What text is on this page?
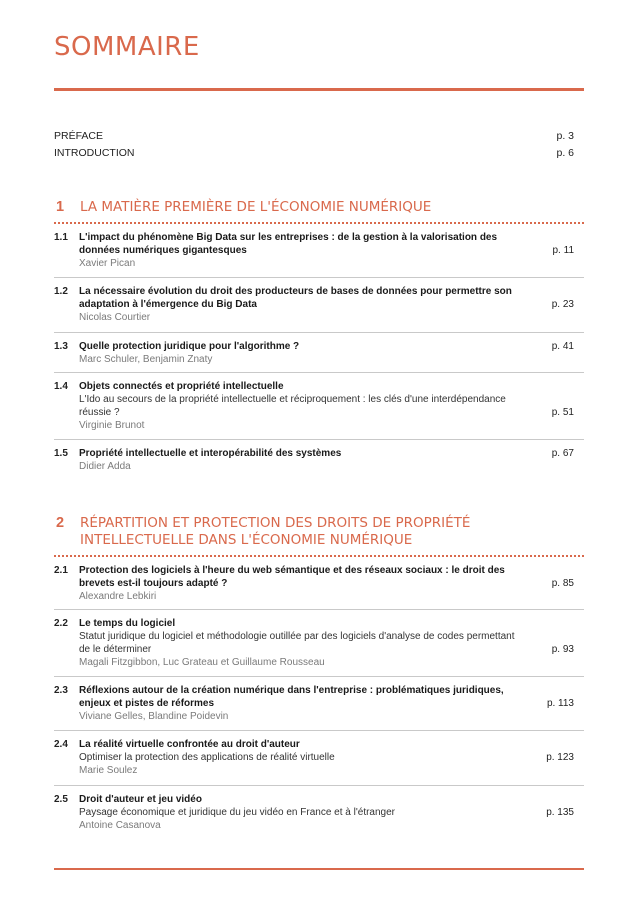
SOMMAIRE
PRÉFACE	p. 3
INTRODUCTION	p. 6
1 LA MATIÈRE PREMIÈRE DE L'ÉCONOMIE NUMÉRIQUE
1.1 L'impact du phénomène Big Data sur les entreprises : de la gestion à la valorisation des données numériques gigantesques
Xavier Pican
p. 11
1.2 La nécessaire évolution du droit des producteurs de bases de données pour permettre son adaptation à l'émergence du Big Data
Nicolas Courtier
p. 23
1.3 Quelle protection juridique pour l'algorithme ?
Marc Schuler, Benjamin Znaty
p. 41
1.4 Objets connectés et propriété intellectuelle
L'Ido au secours de la propriété intellectuelle et réciproquement : les clés d'une interdépendance réussie ?
Virginie Brunot
p. 51
1.5 Propriété intellectuelle et interopérabilité des systèmes
Didier Adda
p. 67
2 RÉPARTITION ET PROTECTION DES DROITS DE PROPRIÉTÉ INTELLECTUELLE DANS L'ÉCONOMIE NUMÉRIQUE
2.1 Protection des logiciels à l'heure du web sémantique et des réseaux sociaux : le droit des brevets est-il toujours adapté ?
Alexandre Lebkiri
p. 85
2.2 Le temps du logiciel
Statut juridique du logiciel et méthodologie outillée par des logiciels d'analyse de codes permettant de le déterminer
Magali Fitzgibbon, Luc Grateau et Guillaume Rousseau
p. 93
2.3 Réflexions autour de la création numérique dans l'entreprise : problématiques juridiques, enjeux et pistes de réformes
Viviane Gelles, Blandine Poidevin
p. 113
2.4 La réalité virtuelle confrontée au droit d'auteur
Optimiser la protection des applications de réalité virtuelle
Marie Soulez
p. 123
2.5 Droit d'auteur et jeu vidéo
Paysage économique et juridique du jeu vidéo en France et à l'étranger
Antoine Casanova
p. 135
